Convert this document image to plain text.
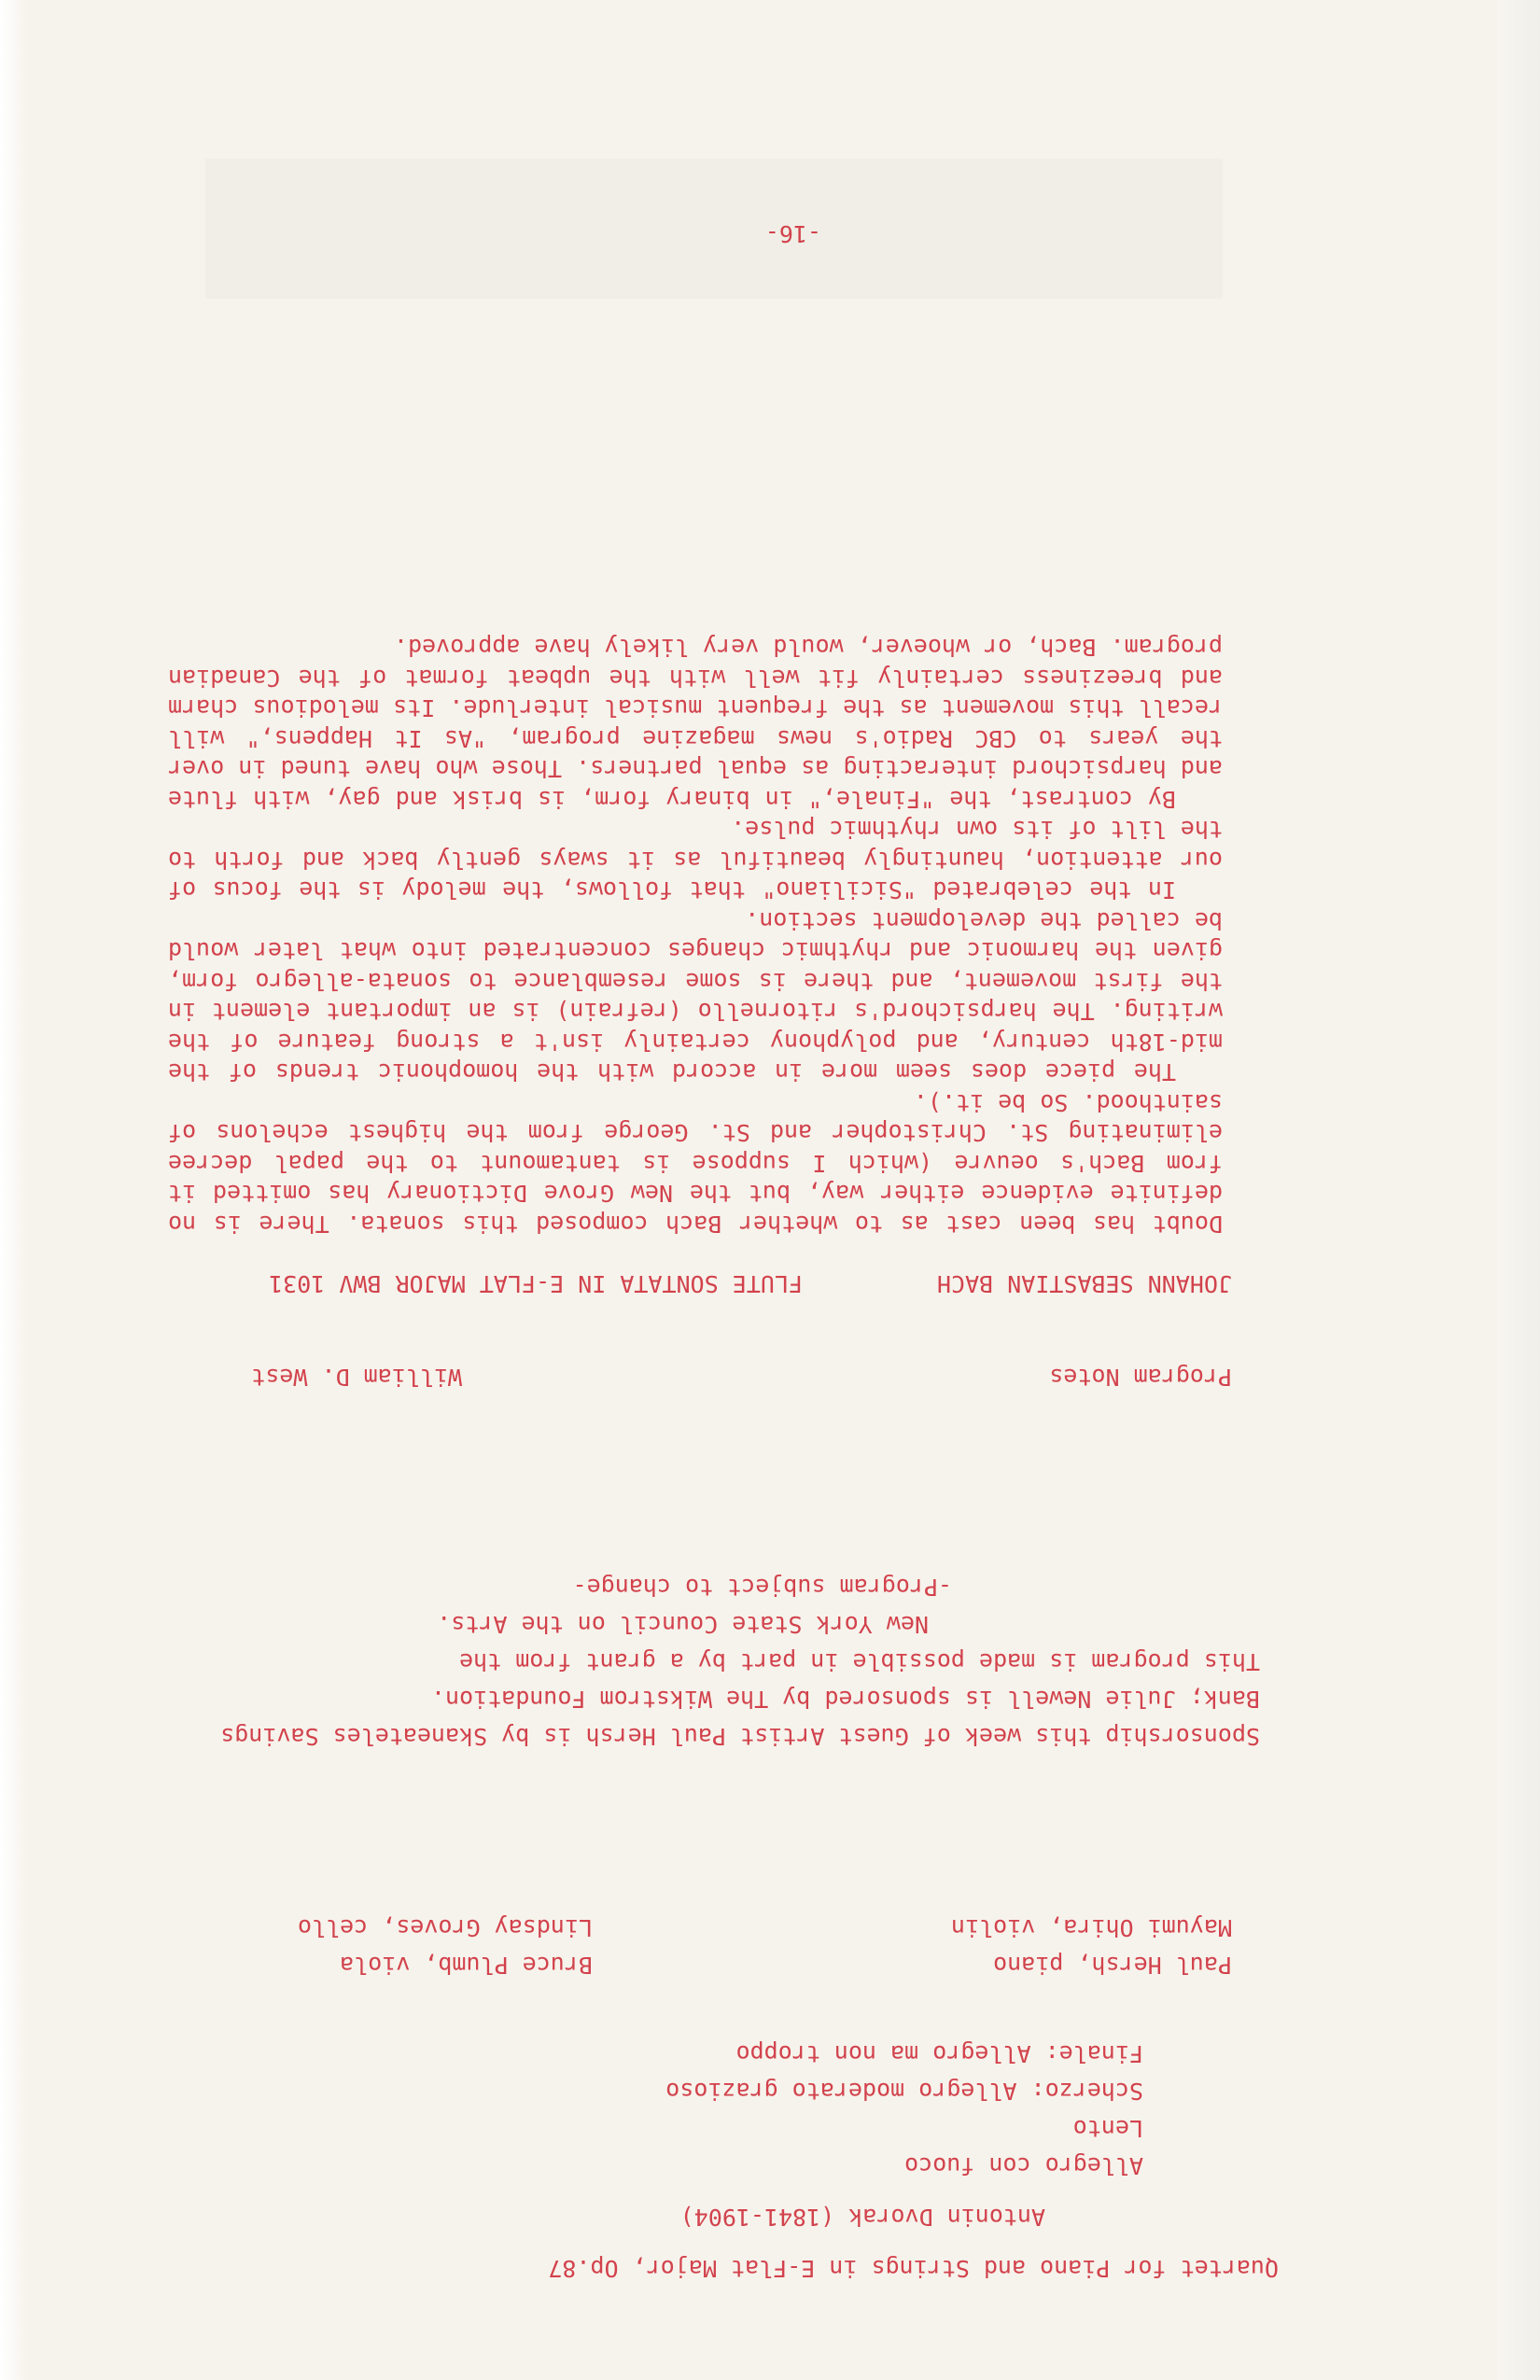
Quartet for Piano and Strings in E-Flat Major, Op.87
Antonin Dvorak (1841-1904)
Allegro con fuoco
Lento
Scherzo: Allegro moderato grazioso
Finale: Allegro ma non troppo
Paul Hersh, piano
Bruce Plumb, viola
Mayumi Ohira, violin
Lindsay Groves, cello
Sponsorship this week of Guest Artist Paul Hersh is by Skaneateles Savings
Bank; Julie Newell is sponsored by The Wikstrom Foundation.
This program is made possible in part by a grant from the
New York State Council on the Arts.
-Program subject to change-
Program Notes
William D. West
JOHANN SEBASTIAN BACH
FLUTE SONTATA IN E-FLAT MAJOR BWV 1031

Doubt has been cast as to whether Bach composed this sonata. There is no definite evidence either way, but the New Grove Dictionary has omitted it from Bach's oeuvre (which I suppose is tantamount to the papal decree eliminating St. Christopher and St. George from the highest echelons of sainthood. So be it.).

The piece does seem more in accord with the homophonic trends of the mid-18th century, and polyphony certainly isn't a strong feature of the writing. The harpsichord's ritornello (refrain) is an important element in the first movement, and there is some resemblance to sonata-allegro form, given the harmonic and rhythmic changes concentrated into what later would be called the development section.

In the celebrated "Siciliano" that follows, the melody is the focus of our attention, hauntingly beautiful as it sways gently back and forth to the lilt of its own rhythmic pulse.

By contrast, the "Finale," in binary form, is brisk and gay, with flute and harpsichord interacting as equal partners. Those who have tuned in over the years to CBC Radio's news magazine program, "As It Happens," will recall this movement as the frequent musical interlude. Its melodious charm and breeziness certainly fit well with the upbeat format of the Canadian program. Bach, or whoever, would very likely have approved.

-16-
